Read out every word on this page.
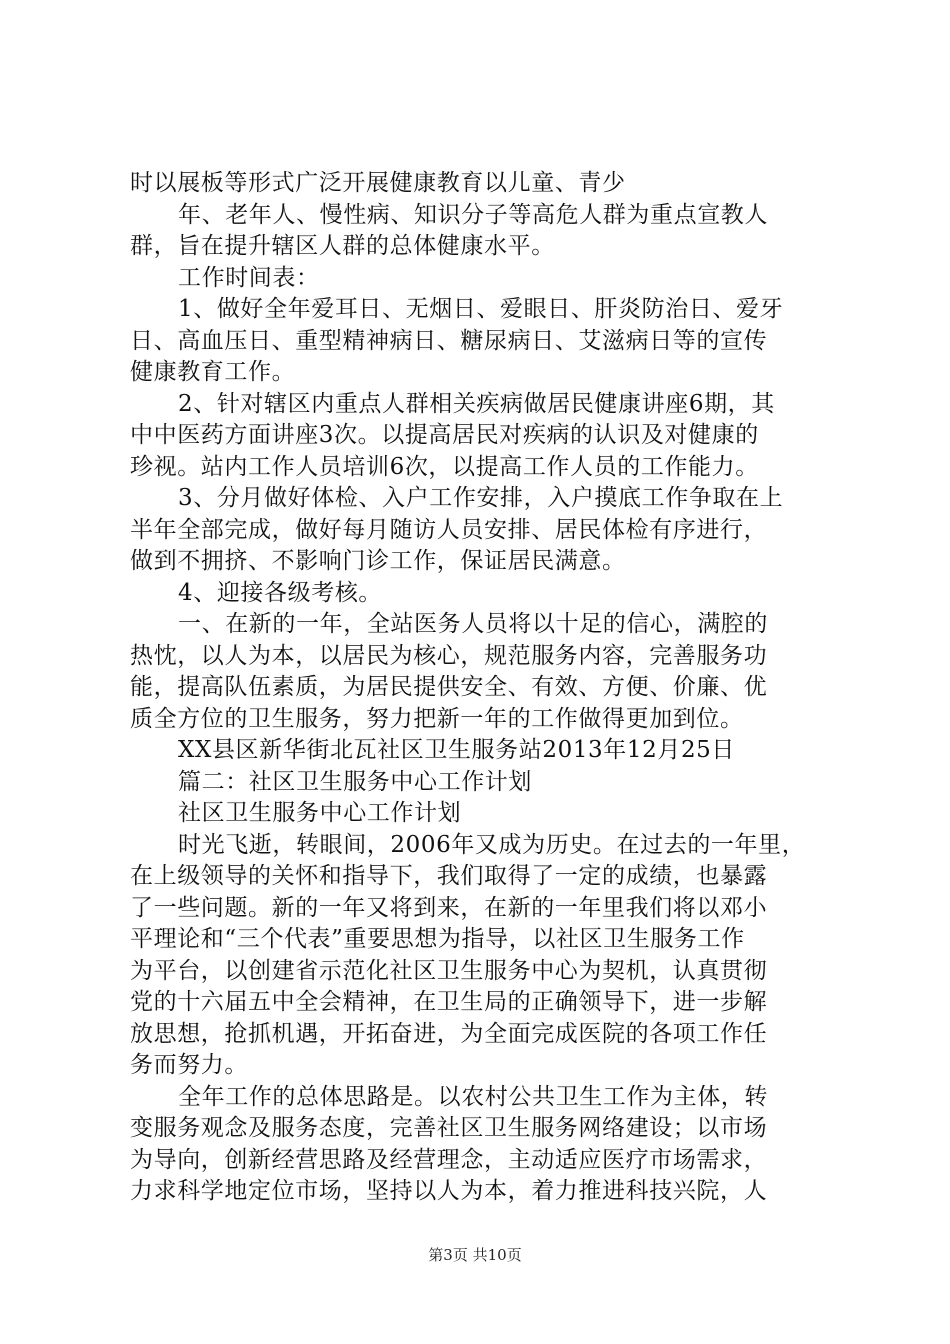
时以展板等形式广泛开展健康教育以儿童、青少
年、老年人、慢性病、知识分子等高危人群为重点宣教人
群，旨在提升辖区人群的总体健康水平。
工作时间表：
1、做好全年爱耳日、无烟日、爱眼日、肝炎防治日、爱牙
日、高血压日、重型精神病日、糖尿病日、艾滋病日等的宣传
健康教育工作。
2、针对辖区内重点人群相关疾病做居民健康讲座6期，其
中中医药方面讲座3次。以提高居民对疾病的认识及对健康的
珍视。站内工作人员培训6次，以提高工作人员的工作能力。
3、分月做好体检、入户工作安排，入户摸底工作争取在上
半年全部完成，做好每月随访人员安排、居民体检有序进行，
做到不拥挤、不影响门诊工作，保证居民满意。
4、迎接各级考核。
一、在新的一年，全站医务人员将以十足的信心，满腔的
热忱，以人为本，以居民为核心，规范服务内容，完善服务功
能，提高队伍素质，为居民提供安全、有效、方便、价廉、优
质全方位的卫生服务，努力把新一年的工作做得更加到位。
XX县区新华街北瓦社区卫生服务站2013年12月25日
篇二：社区卫生服务中心工作计划
社区卫生服务中心工作计划
时光飞逝，转眼间，2006年又成为历史。在过去的一年里，
在上级领导的关怀和指导下，我们取得了一定的成绩，也暴露
了一些问题。新的一年又将到来，在新的一年里我们将以邓小
平理论和“三个代表”重要思想为指导，以社区卫生服务工作
为平台，以创建省示范化社区卫生服务中心为契机，认真贯彻
党的十六届五中全会精神，在卫生局的正确领导下，进一步解
放思想，抢抓机遇，开拓奋进，为全面完成医院的各项工作任
务而努力。
全年工作的总体思路是。以农村公共卫生工作为主体，转
变服务观念及服务态度，完善社区卫生服务网络建设；以市场
为导向，创新经营思路及经营理念，主动适应医疗市场需求，
力求科学地定位市场，坚持以人为本，着力推进科技兴院，人
第3页 共10页
